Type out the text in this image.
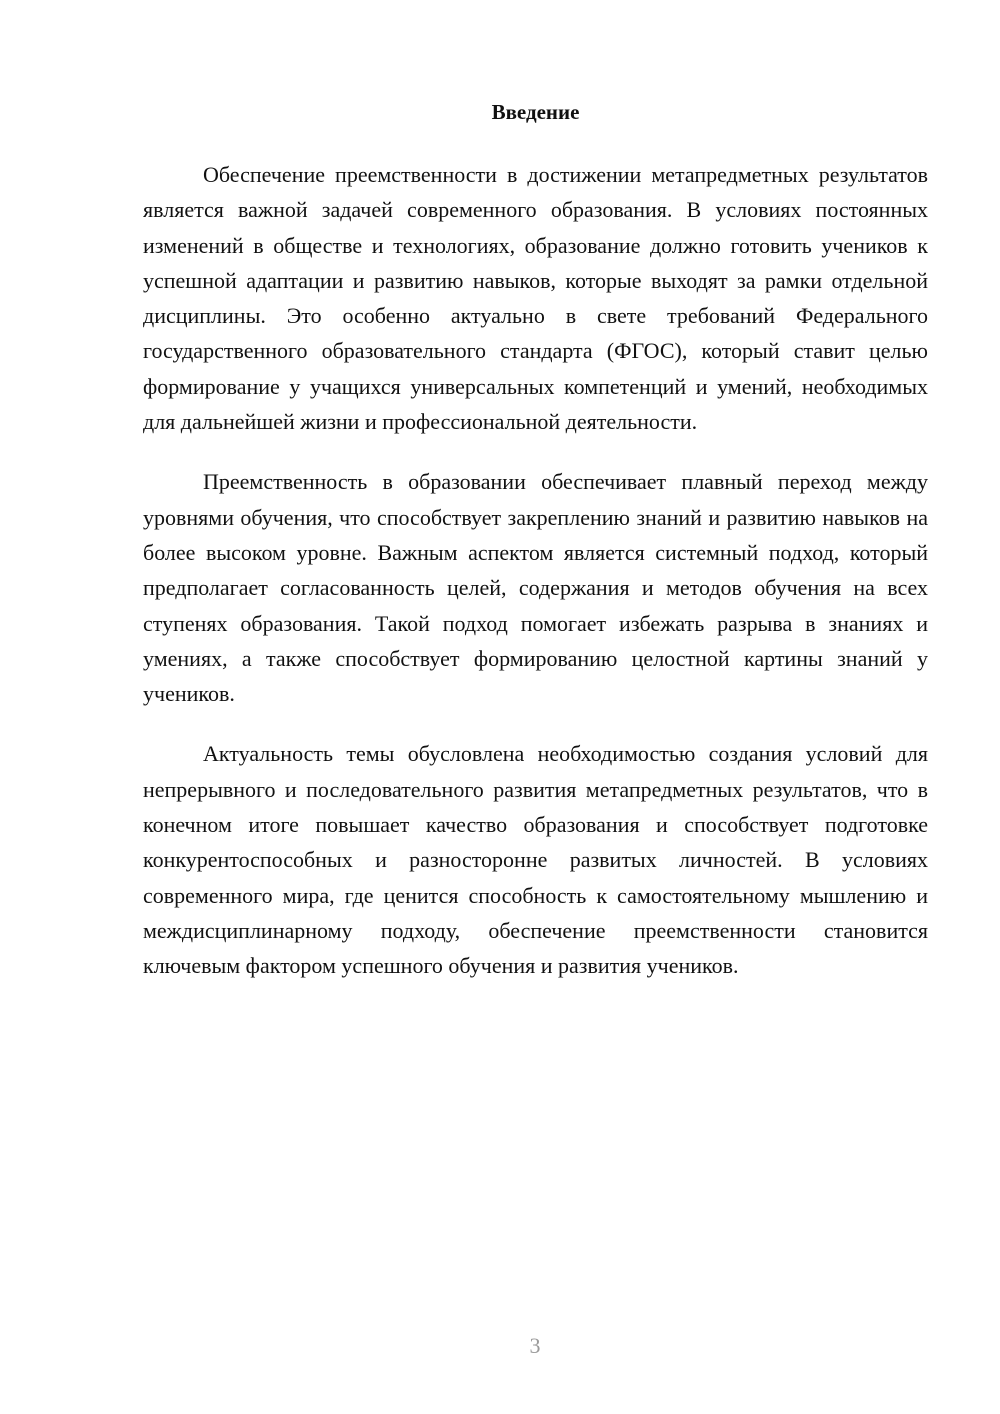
Введение

Обеспечение преемственности в достижении метапредметных результатов является важной задачей современного образования. В условиях постоянных изменений в обществе и технологиях, образование должно готовить учеников к успешной адаптации и развитию навыков, которые выходят за рамки отдельной дисциплины. Это особенно актуально в свете требований Федерального государственного образовательного стандарта (ФГОС), который ставит целью формирование у учащихся универсальных компетенций и умений, необходимых для дальнейшей жизни и профессиональной деятельности.

Преемственность в образовании обеспечивает плавный переход между уровнями обучения, что способствует закреплению знаний и развитию навыков на более высоком уровне. Важным аспектом является системный подход, который предполагает согласованность целей, содержания и методов обучения на всех ступенях образования. Такой подход помогает избежать разрыва в знаниях и умениях, а также способствует формированию целостной картины знаний у учеников.

Актуальность темы обусловлена необходимостью создания условий для непрерывного и последовательного развития метапредметных результатов, что в конечном итоге повышает качество образования и способствует подготовке конкурентоспособных и разносторонне развитых личностей. В условиях современного мира, где ценится способность к самостоятельному мышлению и междисциплинарному подходу, обеспечение преемственности становится ключевым фактором успешного обучения и развития учеников.

3
